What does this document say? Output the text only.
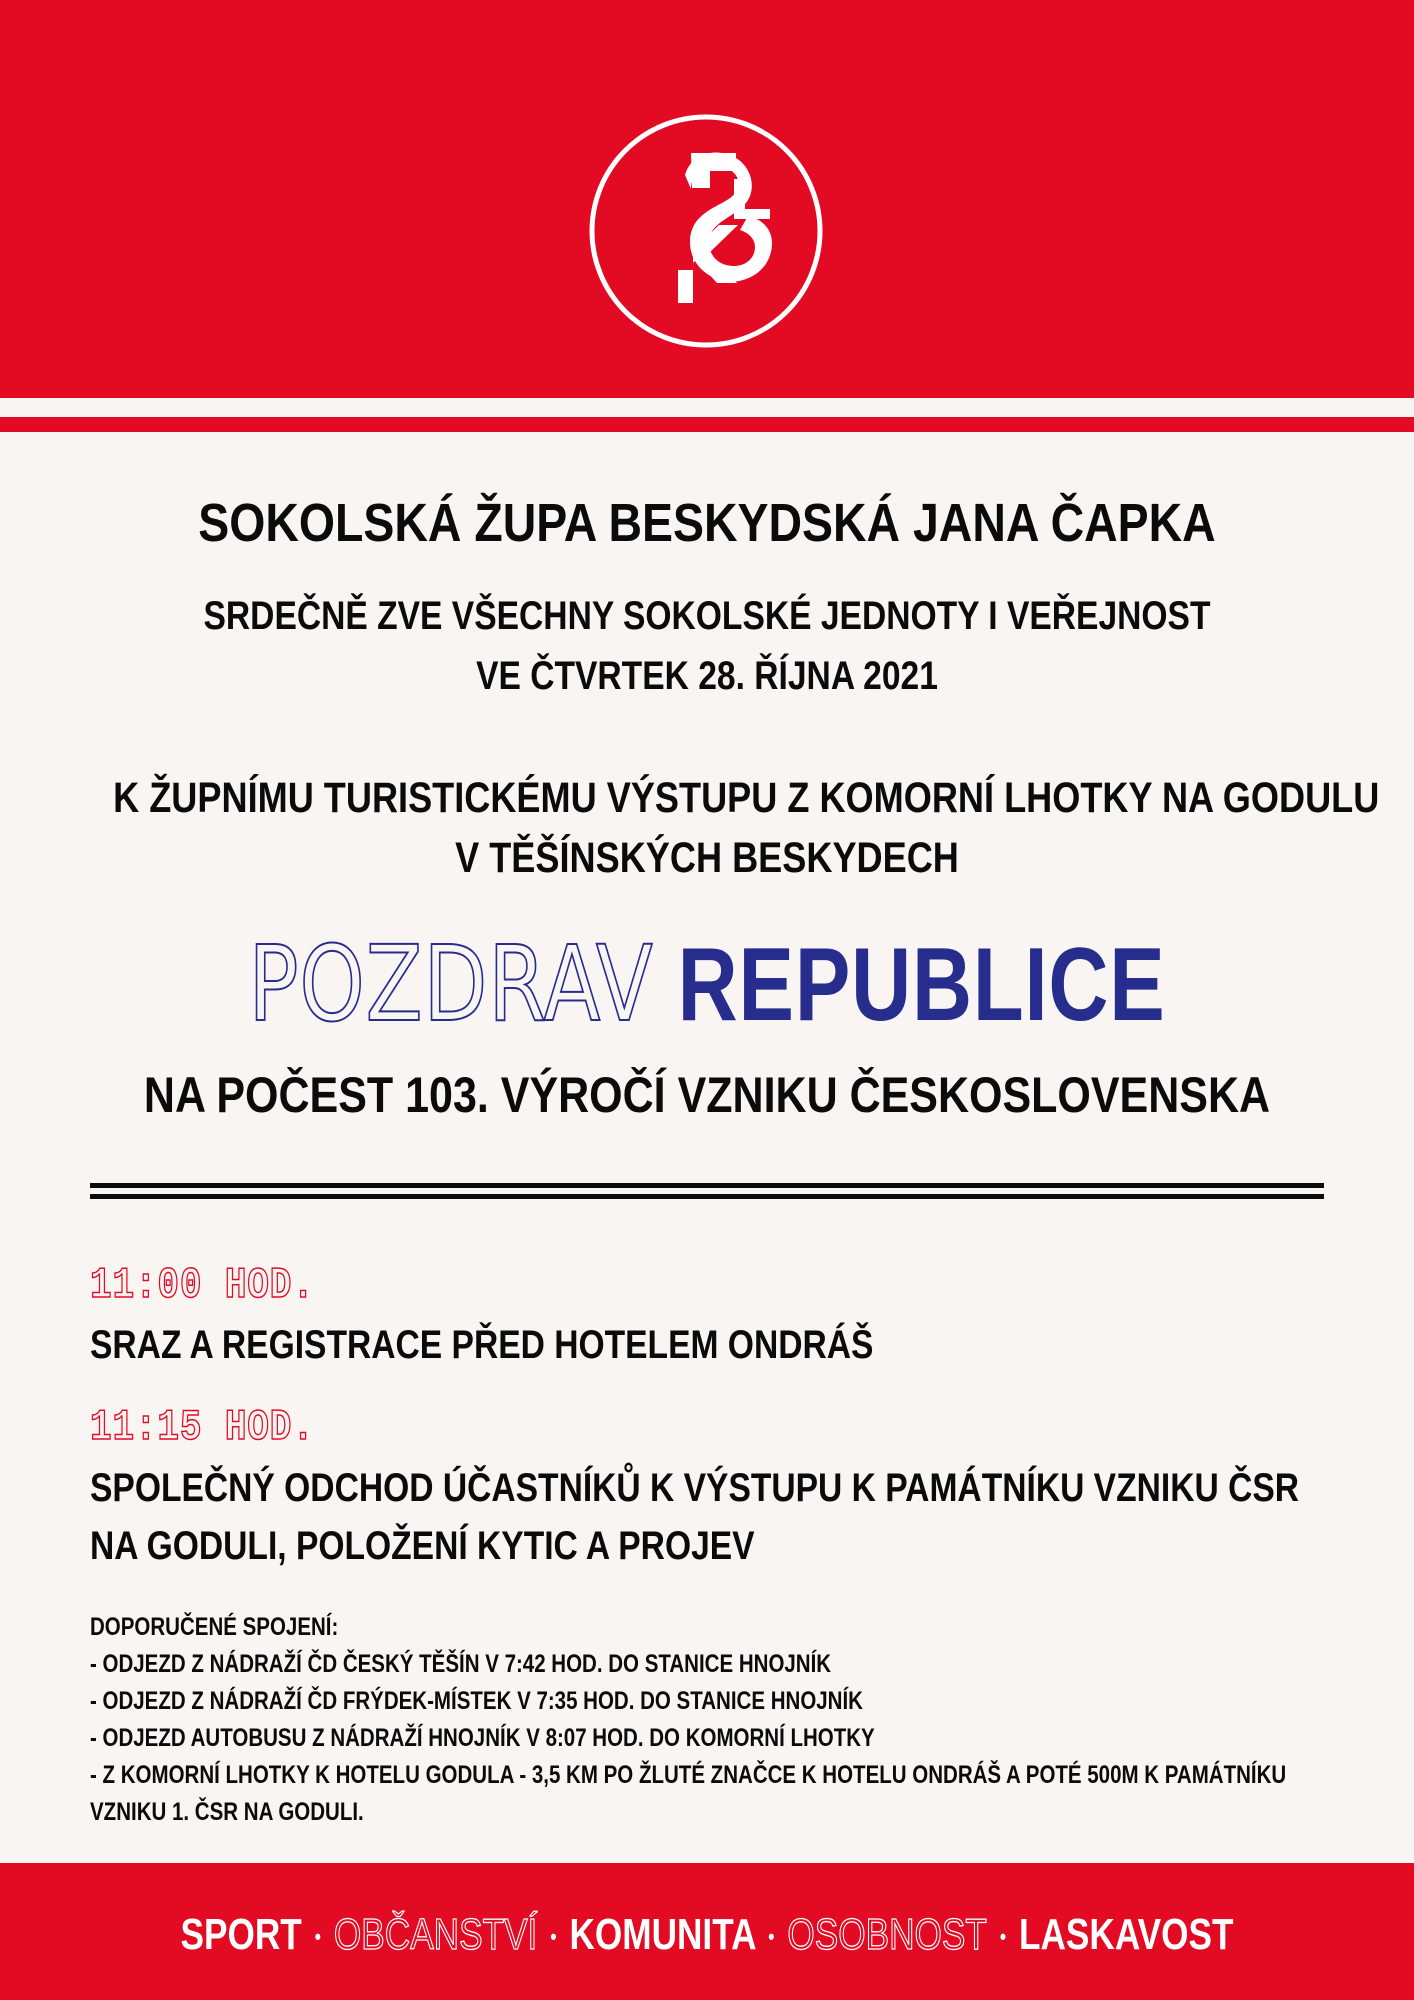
SOKOLSKÁ ŽUPA BESKYDSKÁ JANA ČAPKA
SRDEČNĚ ZVE VŠECHNY SOKOLSKÉ JEDNOTY I VEŘEJNOST
VE ČTVRTEK 28. ŘÍJNA 2021
K ŽUPNÍMU TURISTICKÉMU VÝSTUPU Z KOMORNÍ LHOTKY NA GODULU
V TĚŠÍNSKÝCH BESKYDECH
POZDRAV REPUBLICE
NA POČEST 103. VÝROČÍ VZNIKU ČESKOSLOVENSKA
11:00 HOD.
SRAZ A REGISTRACE PŘED HOTELEM ONDRÁŠ
11:15 HOD.
SPOLEČNÝ ODCHOD ÚČASTNÍKŮ K VÝSTUPU K PAMÁTNÍKU VZNIKU ČSR
NA GODULI, POLOŽENÍ KYTIC A PROJEV
DOPORUČENÉ SPOJENÍ:
- ODJEZD Z NÁDRAŽÍ ČD ČESKÝ TĚŠÍN V 7:42 HOD. DO STANICE HNOJNÍK
- ODJEZD Z NÁDRAŽÍ ČD FRÝDEK-MÍSTEK V 7:35 HOD. DO STANICE HNOJNÍK
- ODJEZD AUTOBUSU Z NÁDRAŽÍ HNOJNÍK V 8:07 HOD. DO KOMORNÍ LHOTKY
- Z KOMORNÍ LHOTKY K HOTELU GODULA - 3,5 KM PO ŽLUTÉ ZNAČCE K HOTELU ONDRÁŠ A POTÉ 500M K PAMÁTNÍKU
VZNIKU 1. ČSR NA GODULI.
SPORT • OBČANSTVÍ • KOMUNITA • OSOBNOST • LASKAVOST
